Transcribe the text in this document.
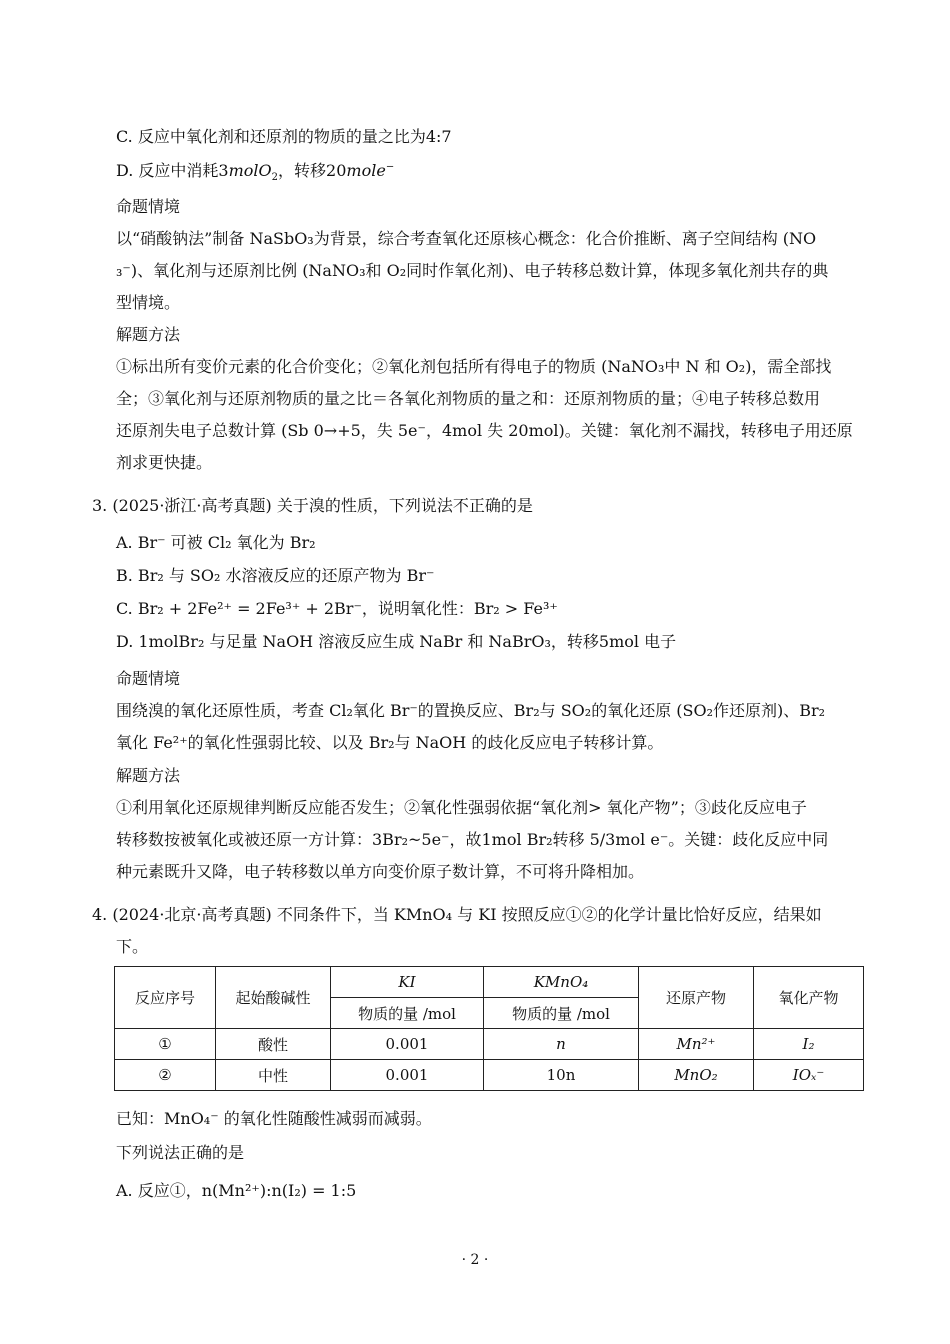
C. 反应中氧化剂和还原剂的物质的量之比为4:7
D. 反应中消耗3molO$_2$，转移20mole−
命题情境
以“硝酸钠法”制备 NaSbO₃为背景，综合考查氧化还原核心概念：化合价推断、离子空间结构 (NO
₃⁻)、氧化剂与还原剂比例 (NaNO₃和 O₂同时作氧化剂)、电子转移总数计算，体现多氧化剂共存的典
型情境。
解题方法
①标出所有变价元素的化合价变化；②氧化剂包括所有得电子的物质 (NaNO₃中 N 和 O₂)，需全部找
全；③氧化剂与还原剂物质的量之比＝各氧化剂物质的量之和：还原剂物质的量；④电子转移总数用
还原剂失电子总数计算 (Sb 0→+5，失 5e⁻，4mol 失 20mol)。关键：氧化剂不漏找，转移电子用还原
剂求更快捷。
3. (2025·浙江·高考真题) 关于溴的性质，下列说法不正确的是
A. Br⁻ 可被 Cl₂ 氧化为 Br₂
B. Br₂ 与 SO₂ 水溶液反应的还原产物为 Br⁻
C. Br₂ + 2Fe²⁺ = 2Fe³⁺ + 2Br⁻，说明氧化性：Br₂ > Fe³⁺
D. 1molBr₂ 与足量 NaOH 溶液反应生成 NaBr 和 NaBrO₃，转移5mol 电子
命题情境
围绕溴的氧化还原性质，考查 Cl₂氧化 Br⁻的置换反应、Br₂与 SO₂的氧化还原 (SO₂作还原剂)、Br₂
氧化 Fe²⁺的氧化性强弱比较、以及 Br₂与 NaOH 的歧化反应电子转移计算。
解题方法
①利用氧化还原规律判断反应能否发生；②氧化性强弱依据“氧化剂> 氧化产物”；③歧化反应电子
转移数按被氧化或被还原一方计算：3Br₂~5e⁻，故1mol Br₂转移 5/3mol e⁻。关键：歧化反应中同
种元素既升又降，电子转移数以单方向变价原子数计算，不可将升降相加。
4. (2024·北京·高考真题) 不同条件下，当 KMnO₄ 与 KI 按照反应①②的化学计量比恰好反应，结果如
下。
反应序号	起始酸碱性	KI	KMnO₄	还原产物	氧化产物
		物质的量 /mol	物质的量 /mol		
①	酸性	0.001	n	Mn²⁺	I₂
②	中性	0.001	10n	MnO₂	IOₓ⁻
已知：MnO₄⁻ 的氧化性随酸性减弱而减弱。
下列说法正确的是
A. 反应①，n(Mn²⁺):n(I₂) = 1:5
· 2 ·
